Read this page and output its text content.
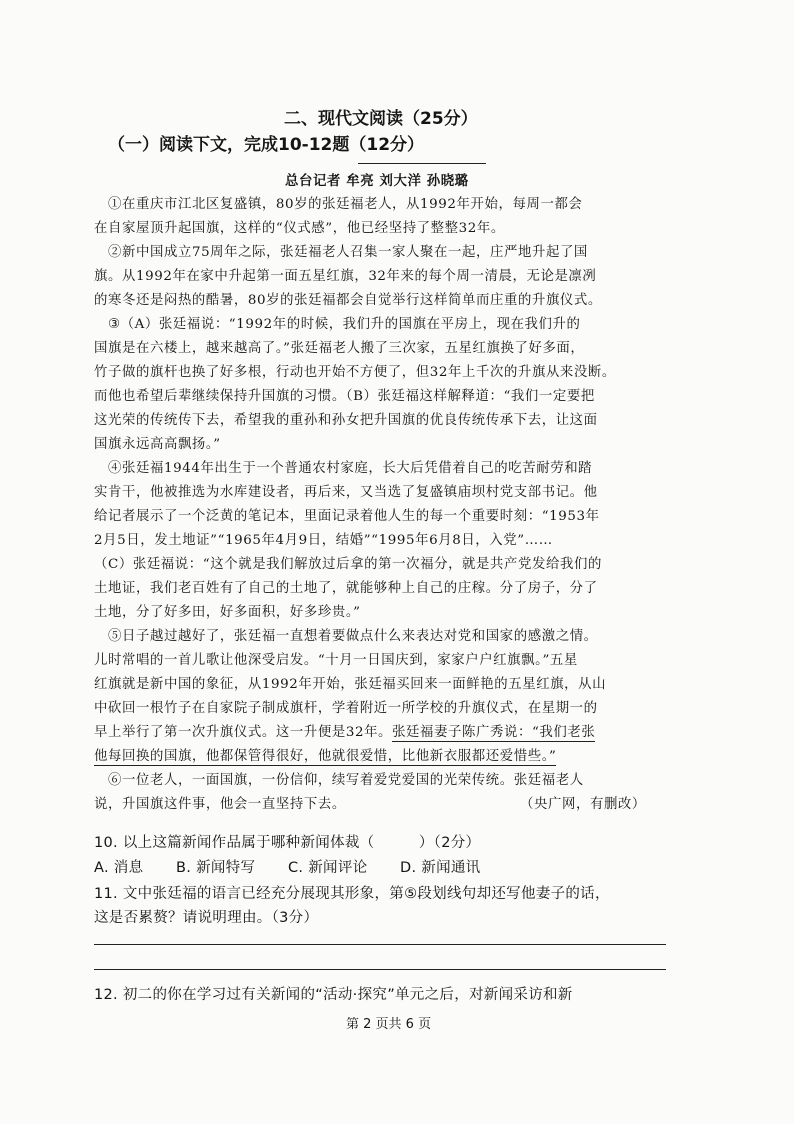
二、现代文阅读（25分）
（一）阅读下文，完成10-12题（12分）
总台记者 牟亮 刘大洋 孙晓璐
①在重庆市江北区复盛镇，80岁的张廷福老人，从1992年开始，每周一都会
在自家屋顶升起国旗，这样的“仪式感”，他已经坚持了整整32年。
②新中国成立75周年之际，张廷福老人召集一家人聚在一起，庄严地升起了国
旗。从1992年在家中升起第一面五星红旗，32年来的每个周一清晨，无论是凛冽
的寒冬还是闷热的酷暑，80岁的张廷福都会自觉举行这样简单而庄重的升旗仪式。
③（A）张廷福说：“1992年的时候，我们升的国旗在平房上，现在我们升的
国旗是在六楼上，越来越高了。”张廷福老人搬了三次家，五星红旗换了好多面，
竹子做的旗杆也换了好多根，行动也开始不方便了，但32年上千次的升旗从来没断。
而他也希望后辈继续保持升国旗的习惯。（B）张廷福这样解释道：“我们一定要把
这光荣的传统传下去，希望我的重孙和孙女把升国旗的优良传统传承下去，让这面
国旗永远高高飘扬。”
④张廷福1944年出生于一个普通农村家庭，长大后凭借着自己的吃苦耐劳和踏
实肯干，他被推选为水库建设者，再后来，又当选了复盛镇庙坝村党支部书记。他
给记者展示了一个泛黄的笔记本，里面记录着他人生的每一个重要时刻：“1953年
2月5日，发土地证”“1965年4月9日，结婚”“1995年6月8日，入党”……
（C）张廷福说：“这个就是我们解放过后拿的第一次福分，就是共产党发给我们的
土地证，我们老百姓有了自己的土地了，就能够种上自己的庄稼。分了房子，分了
土地，分了好多田，好多面积，好多珍贵。”
⑤日子越过越好了，张廷福一直想着要做点什么来表达对党和国家的感激之情。
儿时常唱的一首儿歌让他深受启发。“十月一日国庆到，家家户户红旗飘。”五星
红旗就是新中国的象征，从1992年开始，张廷福买回来一面鲜艳的五星红旗，从山
中砍回一根竹子在自家院子制成旗杆，学着附近一所学校的升旗仪式，在星期一的
早上举行了第一次升旗仪式。这一升便是32年。张廷福妻子陈广秀说：“我们老张
他每回换的国旗，他都保管得很好，他就很爱惜，比他新衣服都还爱惜些。”
⑥一位老人，一面国旗，一份信仰，续写着爱党爱国的光荣传统。张廷福老人
说，升国旗这件事，他会一直坚持下去。	（央广网，有删改）
10. 以上这篇新闻作品属于哪种新闻体裁（　　　）（2分）
A. 消息 B. 新闻特写 C. 新闻评论 D. 新闻通讯
11. 文中张廷福的语言已经充分展现其形象，第⑤段划线句却还写他妻子的话，
这是否累赘？请说明理由。（3分）
12. 初二的你在学习过有关新闻的“活动·探究”单元之后，对新闻采访和新
第 2 页共 6 页
